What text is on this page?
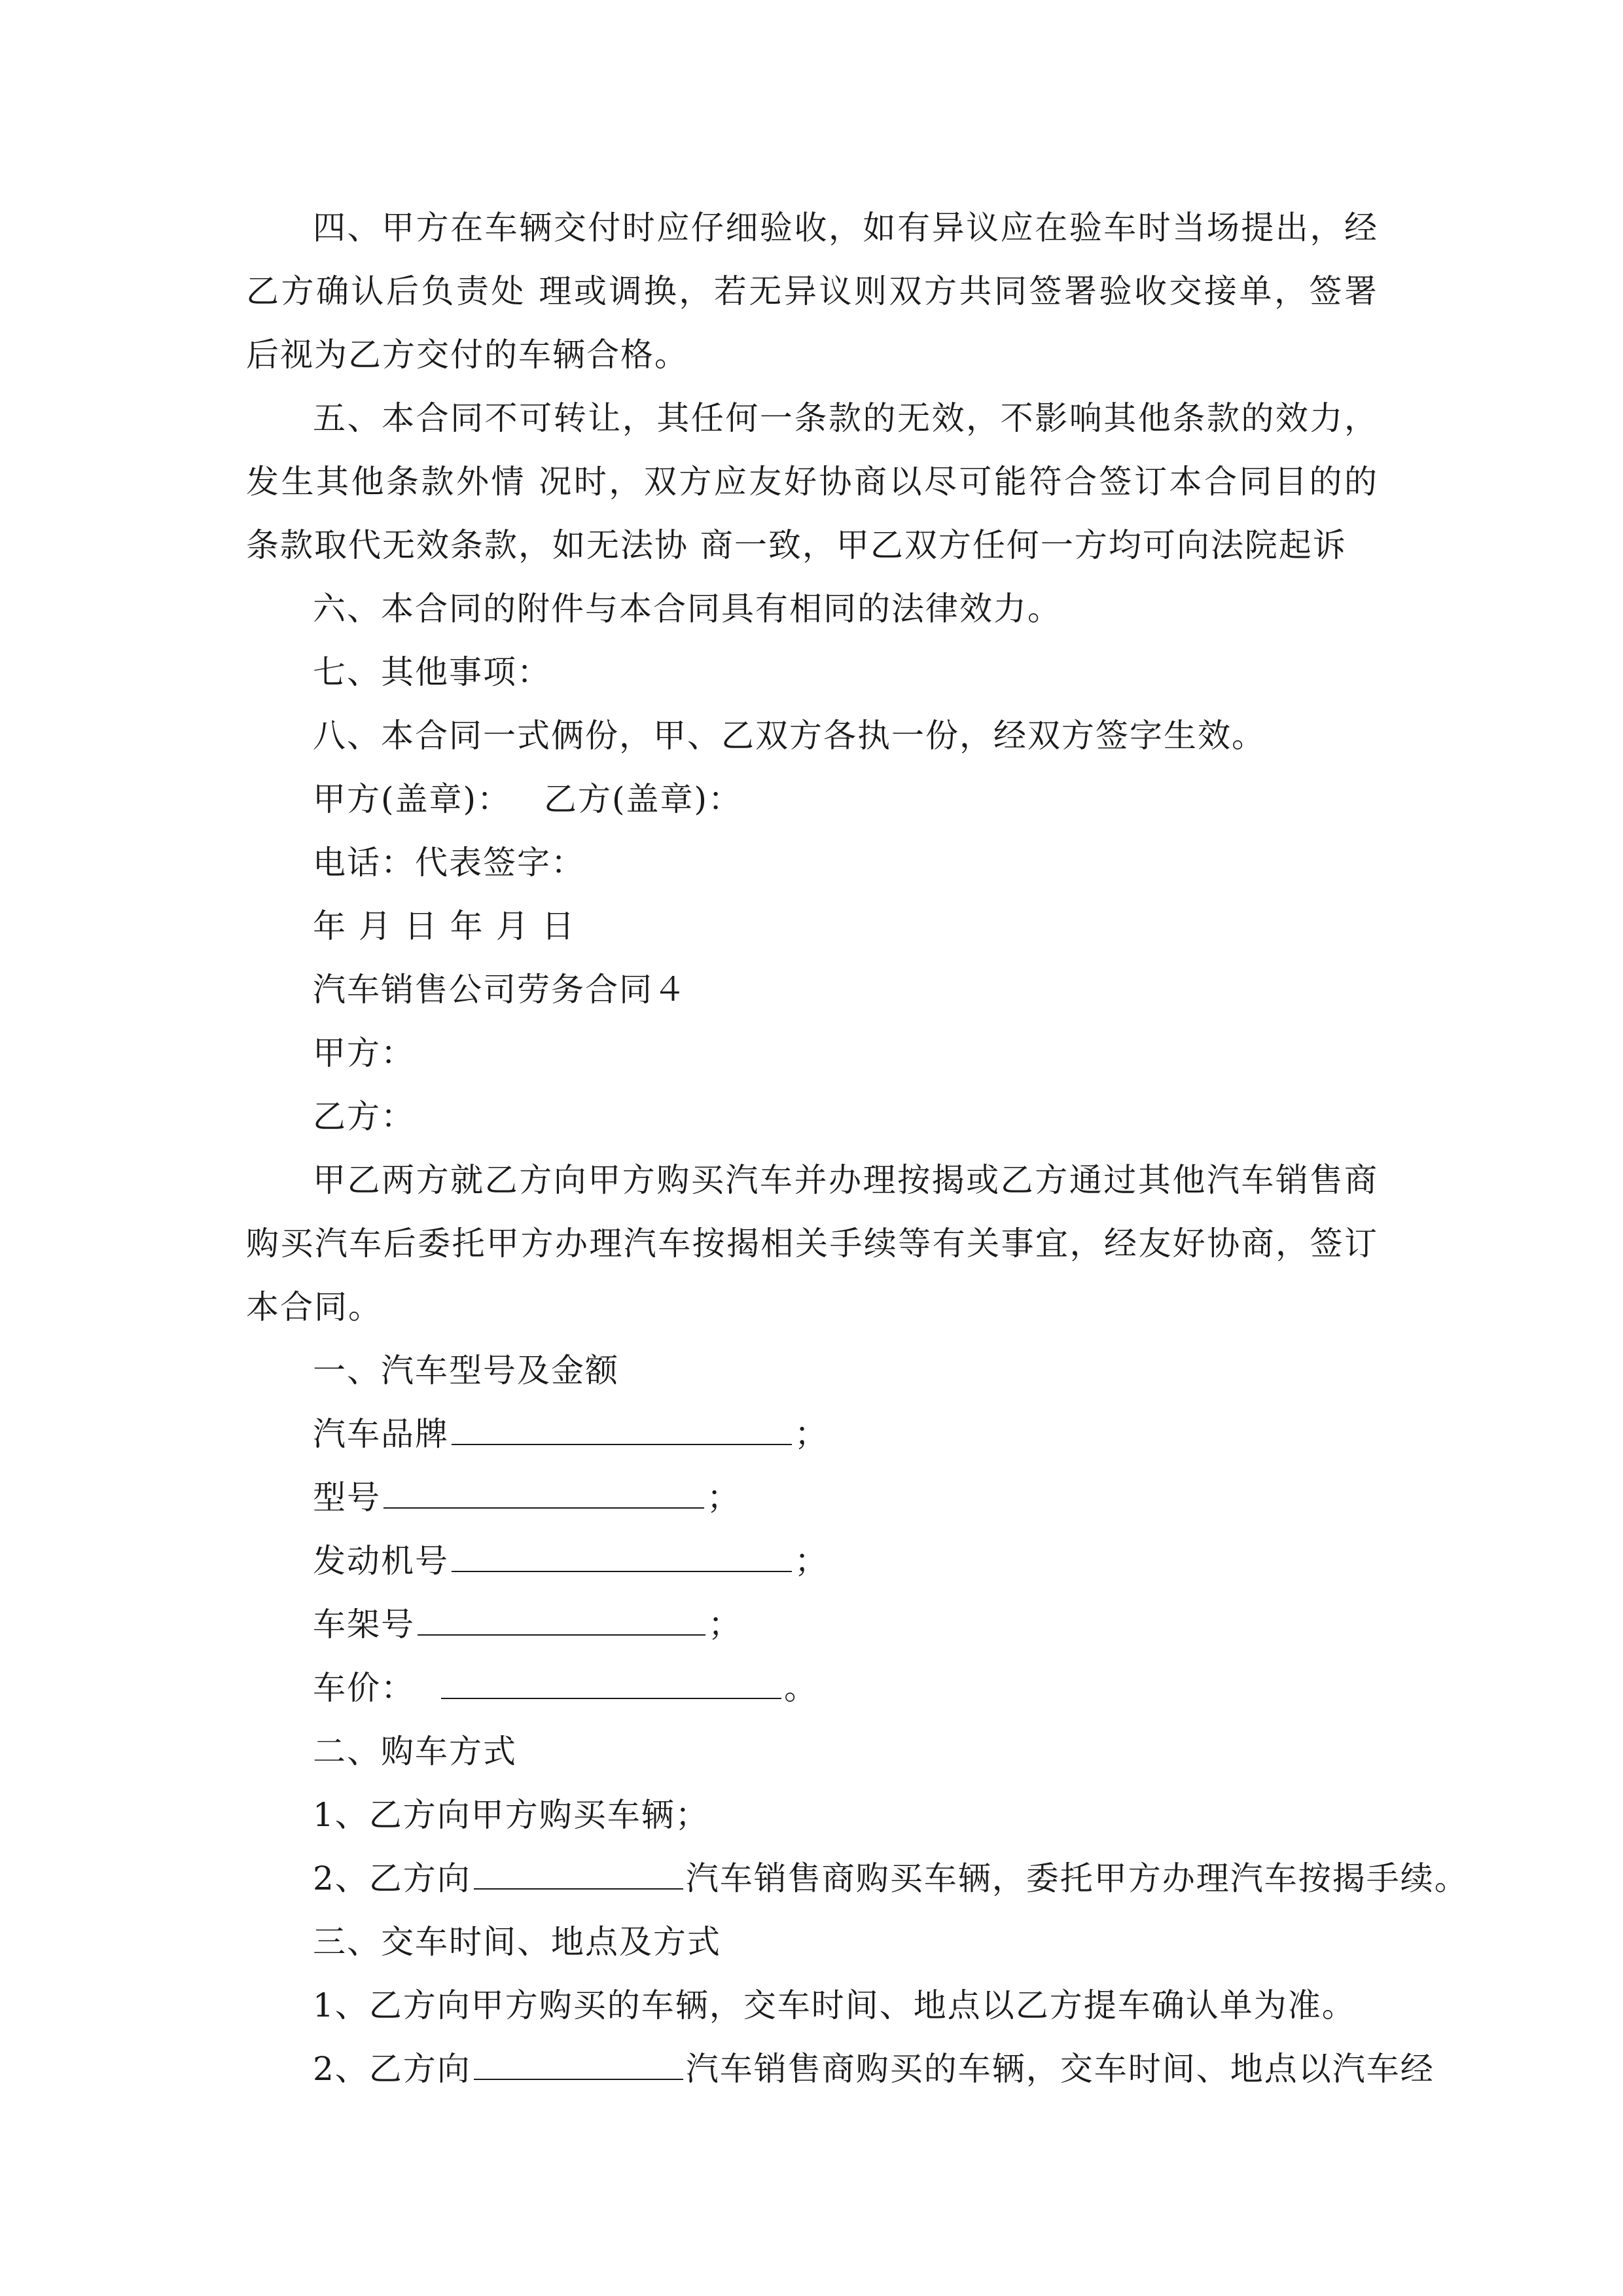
四、甲方在车辆交付时应仔细验收，如有异议应在验车时当场提出，经乙方确认后负责处 理或调换，若无异议则双方共同签署验收交接单，签署后视为乙方交付的车辆合格。

五、本合同不可转让，其任何一条款的无效，不影响其他条款的效力，发生其他条款外情 况时，双方应友好协商以尽可能符合签订本合同目的的条款取代无效条款，如无法协 商一致，甲乙双方任何一方均可向法院起诉

六、本合同的附件与本合同具有相同的法律效力。

七、其他事项：

八、本合同一式俩份，甲、乙双方各执一份，经双方签字生效。

甲方(盖章)： 乙方(盖章)：

电话：代表签字：

年 月 日 年 月 日

汽车销售公司劳务合同４

甲方：

乙方：

甲乙两方就乙方向甲方购买汽车并办理按揭或乙方通过其他汽车销售商购买汽车后委托甲方办理汽车按揭相关手续等有关事宜，经友好协商，签订本合同。

一、汽车型号及金额

汽车品牌	；

型号	；

发动机号	；

车架号	；

车价：	。

二、购车方式

1、乙方向甲方购买车辆；

2、乙方向	汽车销售商购买车辆，委托甲方办理汽车按揭手续。

三、交车时间、地点及方式

1、乙方向甲方购买的车辆，交车时间、地点以乙方提车确认单为准。

2、乙方向	汽车销售商购买的车辆，交车时间、地点以汽车经
